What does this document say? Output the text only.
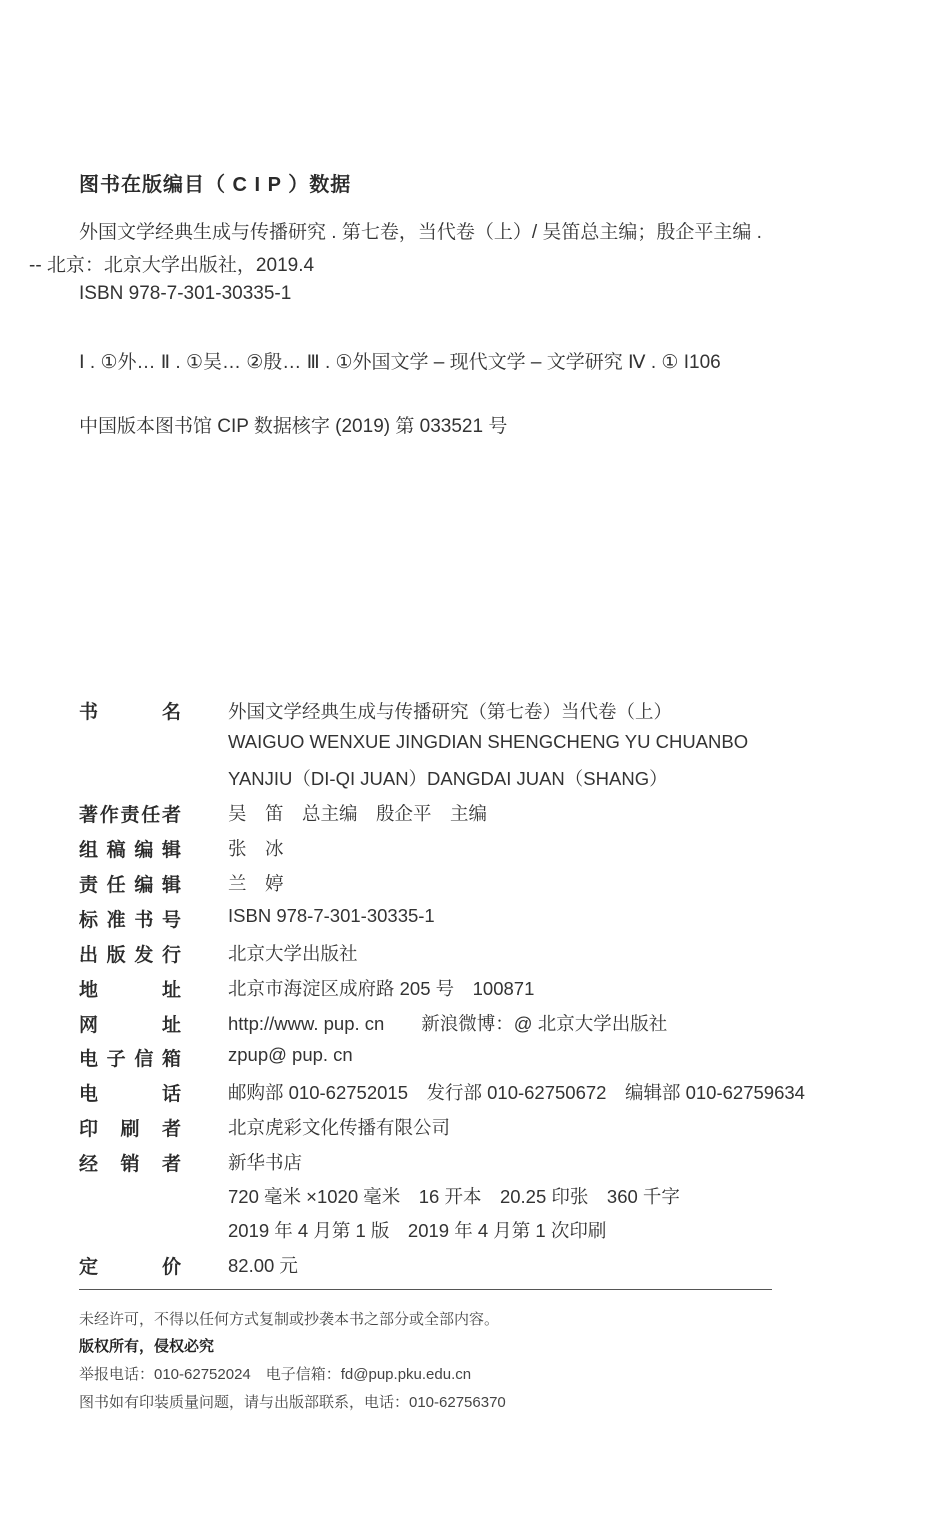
图书在版编目（ C I P ）数据
外国文学经典生成与传播研究 . 第七卷，当代卷（上）/ 吴笛总主编；殷企平主编 .
-- 北京：北京大学出版社，2019.4
ISBN 978-7-301-30335-1
Ⅰ . ①外… Ⅱ . ①吴… ②殷… Ⅲ . ①外国文学 – 现代文学 – 文学研究 Ⅳ . ① I106
中国版本图书馆 CIP 数据核字 (2019) 第 033521 号
书	名	外国文学经典生成与传播研究（第七卷）当代卷（上）
WAIGUO WENXUE JINGDIAN SHENGCHENG YU CHUANBO
YANJIU（DI-QI JUAN）DANGDAI JUAN（SHANG）
著 作 责 任 者	吴　笛　总主编　殷企平　主编
组 稿 编 辑	张　冰
责 任 编 辑	兰　婷
标 准 书 号	ISBN 978-7-301-30335-1
出 版 发 行	北京大学出版社
地	址	北京市海淀区成府路 205 号　100871
网	址	http://www. pup. cn　　新浪微博：@ 北京大学出版社
电 子 信 箱	zpup@ pup. cn
电	话	邮购部 010-62752015　发行部 010-62750672　编辑部 010-62759634
印 刷 者	北京虎彩文化传播有限公司
经 销 者	新华书店
720 毫米 ×1020 毫米　16 开本　20.25 印张　360 千字
2019 年 4 月第 1 版　2019 年 4 月第 1 次印刷
定	价	82.00 元
未经许可，不得以任何方式复制或抄袭本书之部分或全部内容。
版权所有，侵权必究
举报电话：010-62752024　电子信箱：fd@pup.pku.edu.cn
图书如有印装质量问题，请与出版部联系，电话：010-62756370
